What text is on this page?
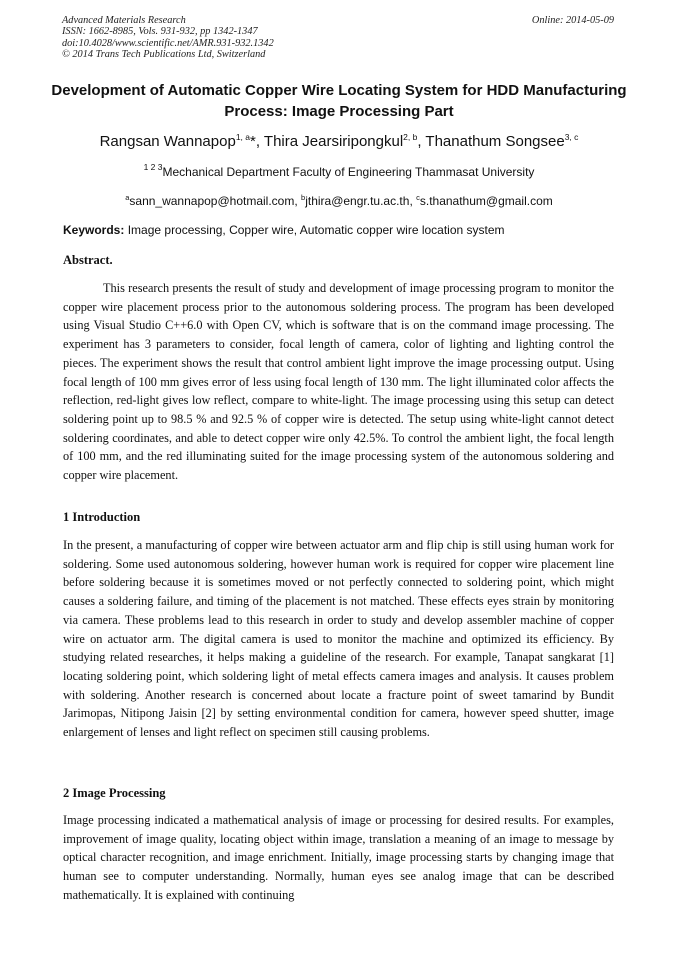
Advanced Materials Research
ISSN: 1662-8985, Vols. 931-932, pp 1342-1347
doi:10.4028/www.scientific.net/AMR.931-932.1342
© 2014 Trans Tech Publications Ltd, Switzerland
Online: 2014-05-09
Development of Automatic Copper Wire Locating System for HDD Manufacturing Process: Image Processing Part
Rangsan Wannapop$^{1, a}$*, Thira Jearsiripongkul$^{2, b}$, Thanathum Songsee$^{3, c}$
$^{1 2 3}$Mechanical Department Faculty of Engineering Thammasat University
$^a$sann_wannapop@hotmail.com, $^b$jthira@engr.tu.ac.th, $^c$s.thanathum@gmail.com
Keywords: Image processing, Copper wire, Automatic copper wire location system
Abstract.

This research presents the result of study and development of image processing program to monitor the copper wire placement process prior to the autonomous soldering process. The program has been developed using Visual Studio C++6.0 with Open CV, which is software that is on the command image processing. The experiment has 3 parameters to consider, focal length of camera, color of lighting and lighting control the pieces. The experiment shows the result that control ambient light improve the image processing output. Using focal length of 100 mm gives error of less using focal length of 130 mm. The light illuminated color affects the reflection, red-light gives low reflect, compare to white-light. The image processing using this setup can detect soldering point up to 98.5 % and 92.5 % of copper wire is detected. The setup using white-light cannot detect soldering coordinates, and able to detect copper wire only 42.5%. To control the ambient light, the focal length of 100 mm, and the red illuminating suited for the image processing system of the autonomous soldering and copper wire placement.

1 Introduction

In the present, a manufacturing of copper wire between actuator arm and flip chip is still using human work for soldering. Some used autonomous soldering, however human work is required for copper wire placement line before soldering because it is sometimes moved or not perfectly connected to soldering point, which might causes a soldering failure, and timing of the placement is not matched. These effects eyes strain by monitoring via camera. These problems lead to this research in order to study and develop assembler machine of copper wire on actuator arm. The digital camera is used to monitor the machine and optimized its efficiency. By studying related researches, it helps making a guideline of the research. For example, Tanapat sangkarat [1] locating soldering point, which soldering light of metal effects camera images and analysis. It causes problem with soldering. Another research is concerned about locate a fracture point of sweet tamarind by Bundit Jarimopas, Nitipong Jaisin [2] by setting environmental condition for camera, however speed shutter, image enlargement of lenses and light reflect on specimen still causing problems.

2 Image Processing

Image processing indicated a mathematical analysis of image or processing for desired results. For examples, improvement of image quality, locating object within image, translation a meaning of an image to message by optical character recognition, and image enrichment. Initially, image processing starts by changing image that human see to computer understanding. Normally, human eyes see analog image that can be described mathematically. It is explained with continuing
